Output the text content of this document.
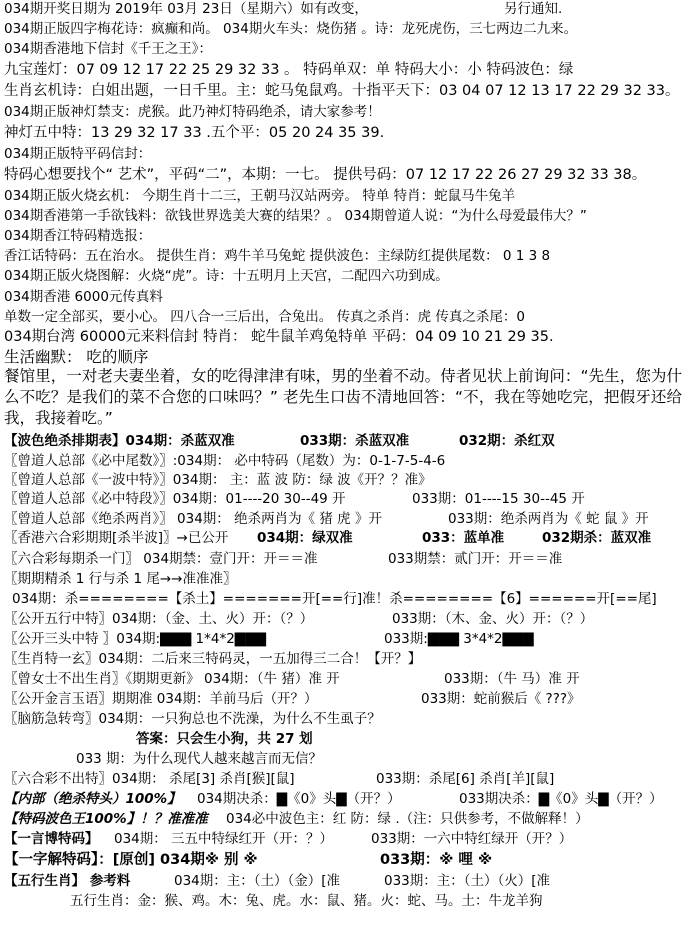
034期开奖日期为 2019年 03月 23日（星期六）如有改变，	另行通知.
034期正版四字梅花诗：疯癫和尚。 034期火车头：烧伤猪 。诗：龙死虎伤，三七两边二九来。
034期香港地下信封《千王之王》：
九宝莲灯：07 09 12 17 22 25 29 32 33 。 特码单双：单 特码大小：小 特码波色：绿
生肖玄机诗：白姐出题，一日千里。主：蛇马兔鼠鸡。十指平天下：03 04 07 12 13 17 22 29 32 33。
034期正版神灯禁支：虎猴。此乃神灯特码绝杀，请大家参考！
神灯五中特：13 29 32 17 33 .五个平：05 20 24 35 39.
034期正版特平码信封：
特码心想要找个“ 艺术”，平码“二”，本期：一七。 提供号码：07 12 17 22 26 27 29 32 33 38。
034期正版火烧玄机： 今期生肖十二三，王朝马汉站两旁。 特单 特肖：蛇鼠马牛兔羊
034期香港第一手欲钱料：欲钱世界选美大赛的结果？。 034期曾道人说：“为什么母爱最伟大？”
034期香江特码精选报：
香江话特码：五在治水。 提供生肖：鸡牛羊马兔蛇 提供波色：主绿防红提供尾数： 0 1 3 8
034期正版火烧图解：火烧“虎”。诗：十五明月上天宫，二配四六功到成。
034期香港 6000元传真料
单数一定全部买，要小心。 四八合一三后出，合兔出。 传真之杀肖：虎 传真之杀尾：0
034期台湾 60000元来料信封 特肖： 蛇牛鼠羊鸡兔特单 平码：04 09 10 21 29 35.
生活幽默： 吃的顺序
餐馆里，一对老夫妻坐着，女的吃得津津有味，男的坐着不动。侍者见状上前询问：“先生，您为什么不吃？是我们的菜不合您的口味吗？” 老先生口齿不清地回答：“不，我在等她吃完，把假牙还给我，我接着吃。”
【波色绝杀排期表】034期：杀蓝双准	033期：杀蓝双准	032期：杀红双
〖曾道人总部《必中尾数》〗:034期： 必中特码（尾数）为：0-1-7-5-4-6
〖曾道人总部《一波中特》〗034期： 主：蓝 波 防：绿 波《开？？准》
〖曾道人总部《必中特段》〗034期：01----20 30--49 开	033期：01----15 30--45 开
〖曾道人总部《绝杀两肖》〗 034期： 绝杀两肖为《 猪 虎 》开	033期：绝杀两肖为《 蛇 鼠 》开
〖香港六合彩期期[杀半波]〗→已公开 034期：绿双准	033：蓝单准	032期杀：蓝双准
〖六合彩每期杀一门〗 034期禁：壹门开：开＝＝准	033期禁：贰门开：开＝＝准
〖期期精杀 1 行与杀 1 尾→→准准准〗
034期：杀========【杀土】=======开[==行]准！杀========【6】======开[==尾]
〖公开五行中特〗034期：（金、土、火）开：（？）	033期：（木、金、火）开：（？）
〖公开三头中特 〗034期:▇▇▇ 1*4*2▇▇▇	033期:▇▇▇ 3*4*2▇▇▇
〖生肖特一玄〗034期：二后来三特码灵，一五加得三二合！【开？】
〖曾女士不出生肖〗《期期更新》 034期：（牛 猪）准 开	033期：（牛 马）准 开
〖公开金言玉语〗期期准 034期：羊前马后（开？）	033期：蛇前猴后《 ???》
〖脑筋急转弯〗034期：一只狗总也不洗澡，为什么不生虱子？
答案：只会生小狗，共 27 划
033 期：为什么现代人越来越言而无信？
〖六合彩不出特〗034期： 杀尾[3] 杀肖[猴][鼠]	033期：杀尾[6] 杀肖[羊][鼠]
【内部（绝杀特头）100%】 034期决杀：▇《0》头▇（开？）	033期决杀：▇《0》头▇（开？）
【特码波色王100%】！？准准准 034必中波色主：红 防：绿 .（注：只供参考，不做解释！）
【一言博特码】 034期： 三五中特绿红开（开：？）	033期：一六中特红绿开（开？）
【一字解特码】：[原创] 034期※ 别 ※	033期：※ 哩 ※
【五行生肖】 参考料	034期：主：（土）（金）[准	033期：主：（土）（火）[准
五行生肖：金：猴、鸡。木：兔、虎。水：鼠、猪。火：蛇、马。土：牛龙羊狗
